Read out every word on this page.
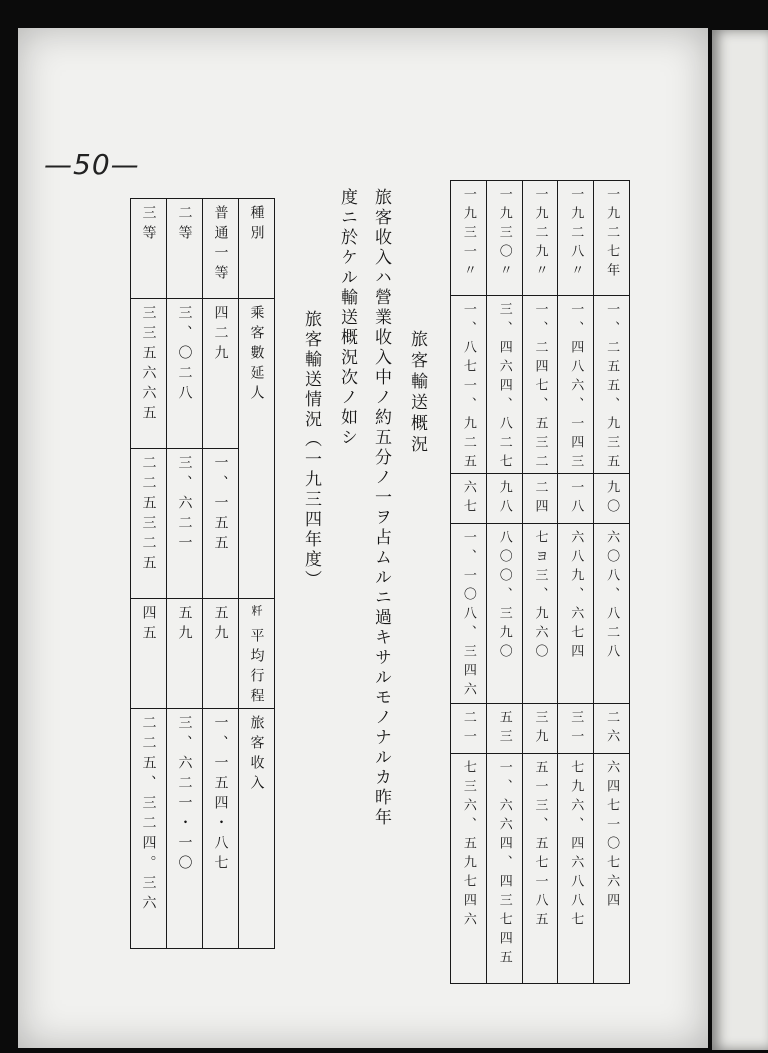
—50—
一九三一〃	一九三〇〃	一九二九〃	一九二八〃	一九二七年

一、八七一、九二五	三、四六四、八二七	一、二四七、五三二	一、四八六、一四三	一、二五五、九三五

六七	九八	二四	一八	九〇

一、一〇八、三四六	八〇〇、三九〇	七ヨ三、九六〇	六八九、六七四	六〇八、八二八

二一	五三	三九	三一	二六

七三六、五九七四六	一、六六四、四三七四五	五一三、五七一八五	七九六、四六八八七	六四七一〇七六四
旅客輸送概況
旅客收入ハ營業收入中ノ約五分ノ一ヲ占ムルニ過キサルモノナルカ昨年
度ニ於ケル輸送概況次ノ如シ
旅客輸送情況（一九三四年度）
三等	二等	普通一等	種別

三三五六六五	三、〇二八	四二九	乘客數延人

二二五三二五	三、六二一	一、一五五	

四五	五九	五九	粁
平均行程

二二五、三二四。三六	三、六二一・一〇	一、一五四・八七	旅客收入
